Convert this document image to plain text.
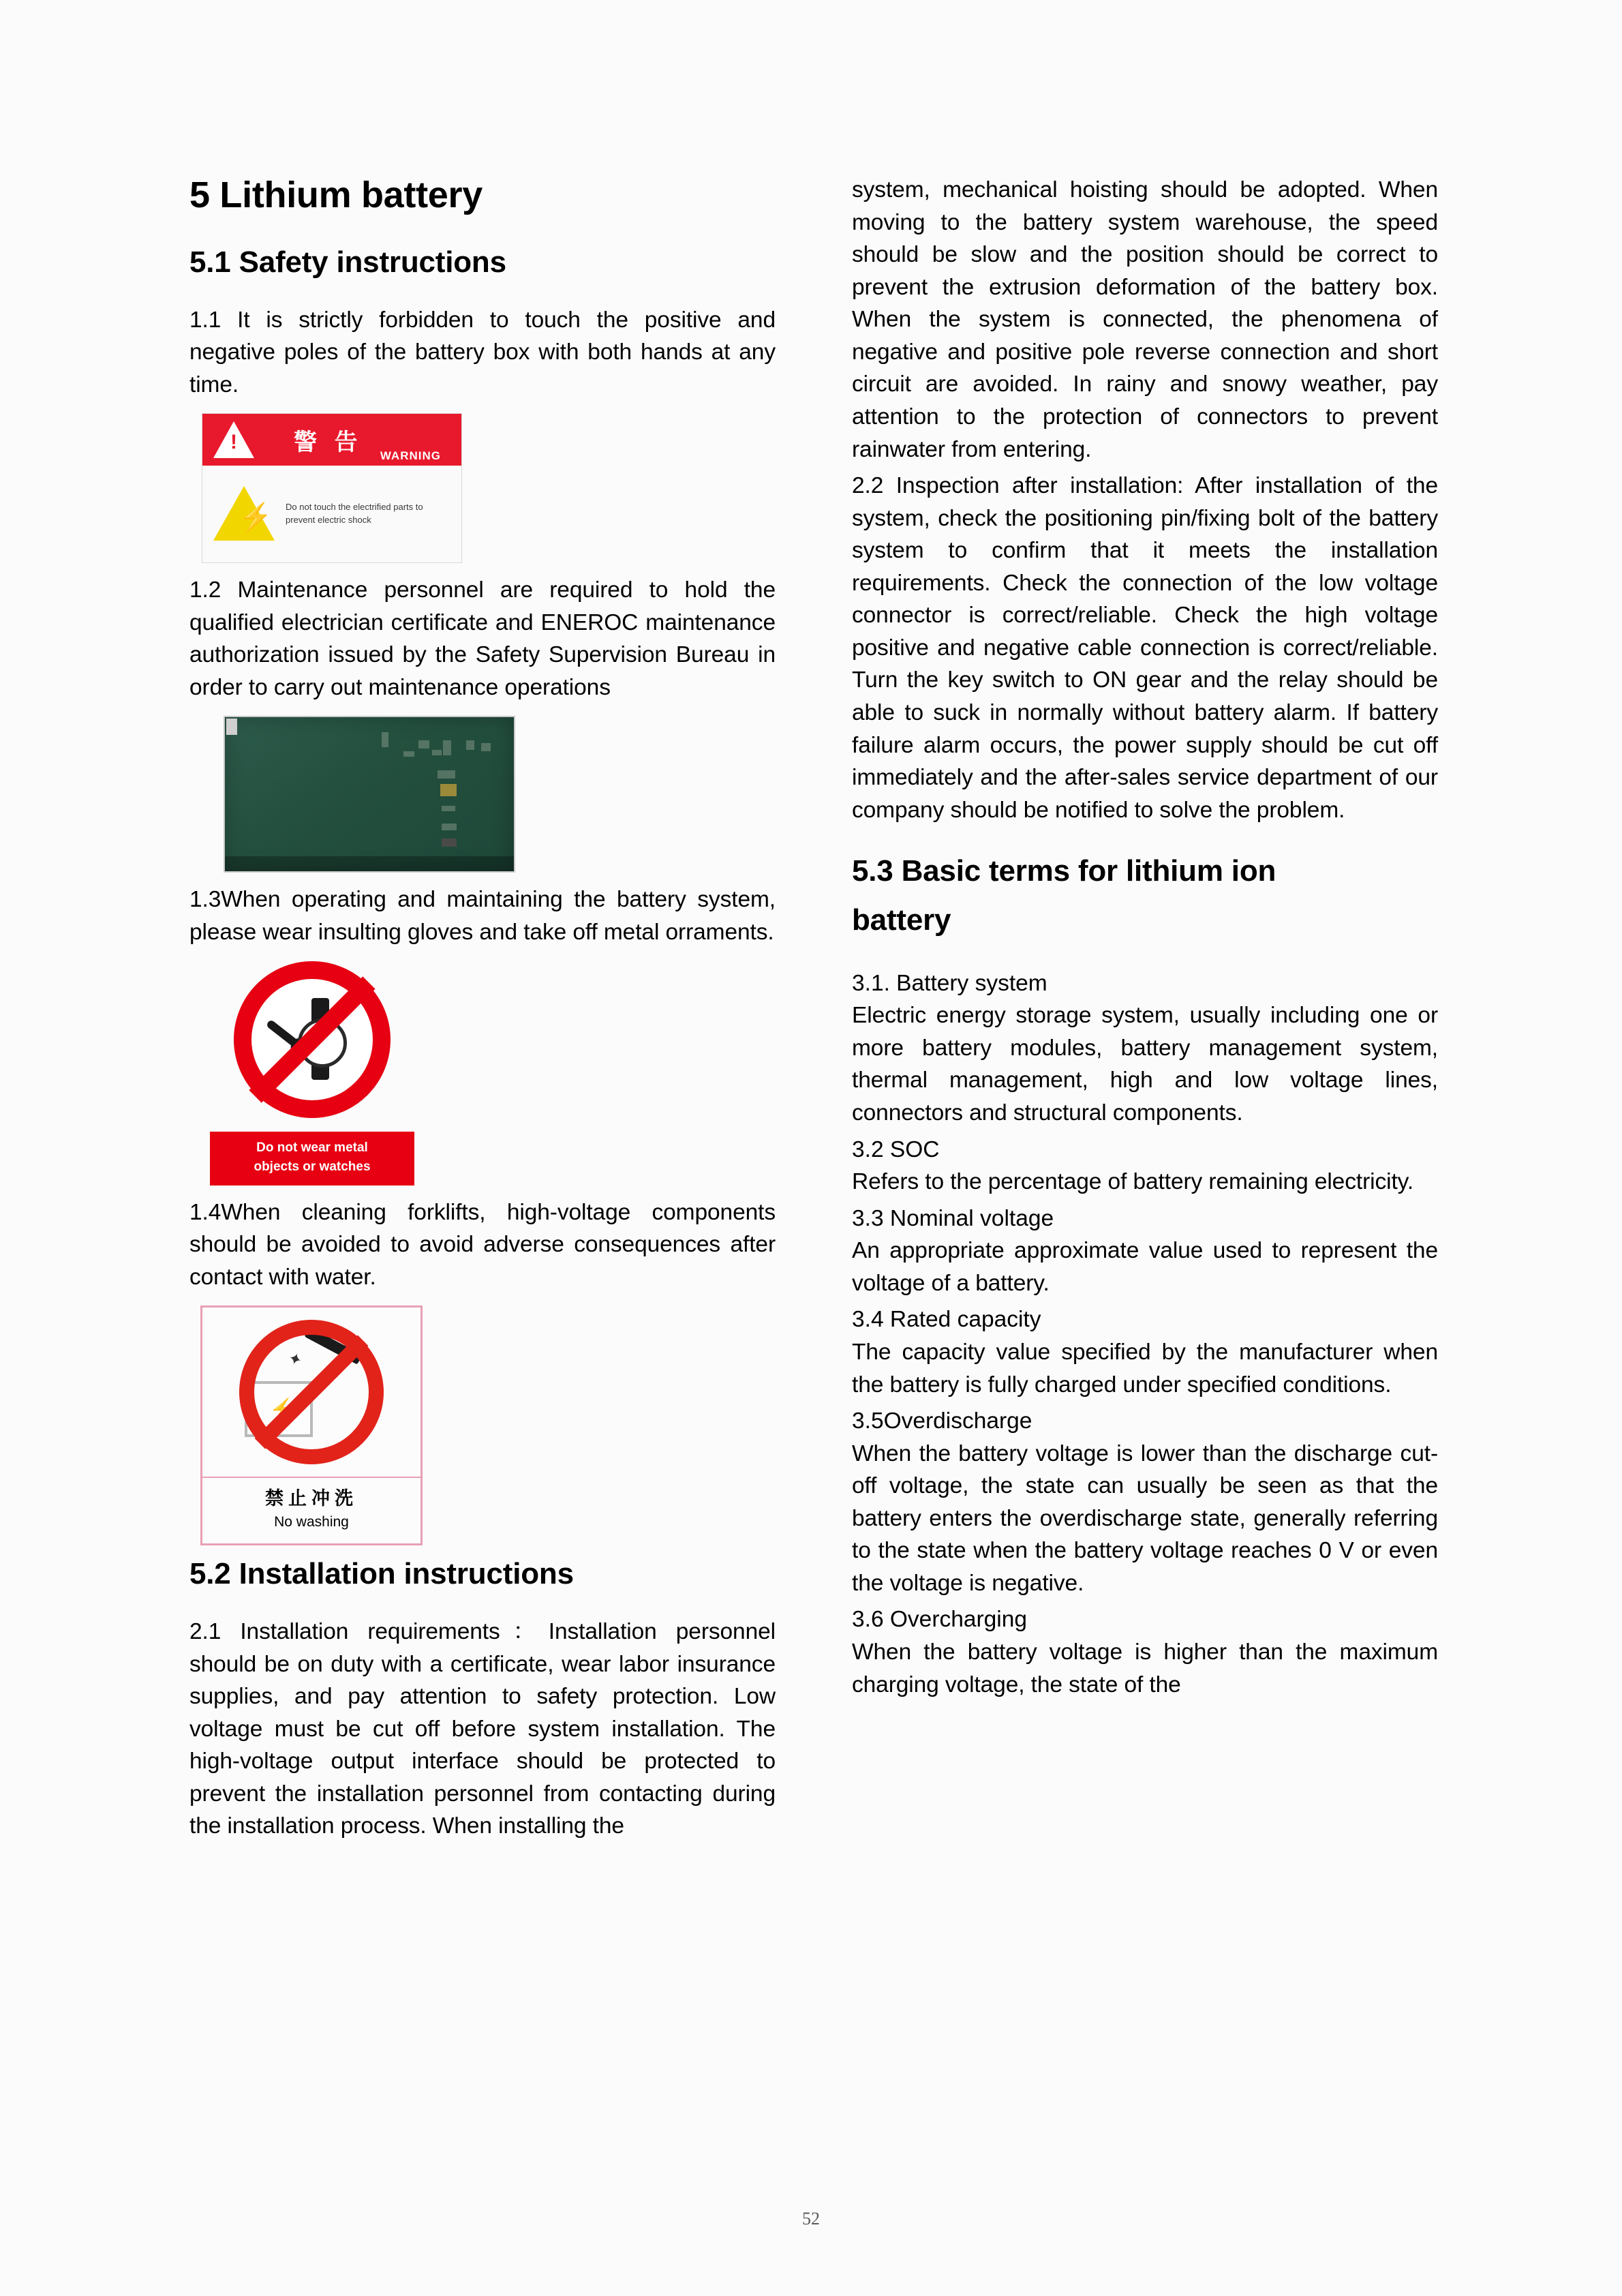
5 Lithium battery
5.1 Safety instructions

1.1 It is strictly forbidden to touch the positive and negative poles of the battery box with both hands at any time.

!
警 告
WARNING
⚡ Do not touch the electrified parts to prevent electric shock

1.2 Maintenance personnel are required to hold the qualified electrician certificate and ENEROC maintenance authorization issued by the Safety Supervision Bureau in order to carry out maintenance operations

1.3When operating and maintaining the battery system, please wear insulting gloves and take off metal orraments.

Do not wear metal
objects or watches

1.4When cleaning forklifts, high-voltage components should be avoided to avoid adverse consequences after contact with water.

⚡
✦
禁止冲洗
No washing
5.2 Installation instructions

2.1 Installation requirements：Installation personnel should be on duty with a certificate, wear labor insurance supplies, and pay attention to safety protection. Low voltage must be cut off before system installation. The high-voltage output interface should be protected to prevent the installation personnel from contacting during the installation process. When installing the

system, mechanical hoisting should be adopted. When moving to the battery system warehouse, the speed should be slow and the position should be correct to prevent the extrusion deformation of the battery box. When the system is connected, the phenomena of negative and positive pole reverse connection and short circuit are avoided. In rainy and snowy weather, pay attention to the protection of connectors to prevent rainwater from entering.

2.2 Inspection after installation: After installation of the system, check the positioning pin/fixing bolt of the battery system to confirm that it meets the installation requirements. Check the connection of the low voltage connector is correct/reliable. Check the high voltage positive and negative cable connection is correct/reliable. Turn the key switch to ON gear and the relay should be able to suck in normally without battery alarm. If battery failure alarm occurs, the power supply should be cut off immediately and the after-sales service department of our company should be notified to solve the problem.

5.3 Basic terms for lithium ion
battery

3.1. Battery system

Electric energy storage system, usually including one or more battery modules, battery management system, thermal management, high and low voltage lines, connectors and structural components.

3.2 SOC

Refers to the percentage of battery remaining electricity.

3.3 Nominal voltage

An appropriate approximate value used to represent the voltage of a battery.

3.4 Rated capacity

The capacity value specified by the manufacturer when the battery is fully charged under specified conditions.

3.5Overdischarge

When the battery voltage is lower than the discharge cut-off voltage, the state can usually be seen as that the battery enters the overdischarge state, generally referring to the state when the battery voltage reaches 0 V or even the voltage is negative.

3.6 Overcharging

When the battery voltage is higher than the maximum charging voltage, the state of the

52
